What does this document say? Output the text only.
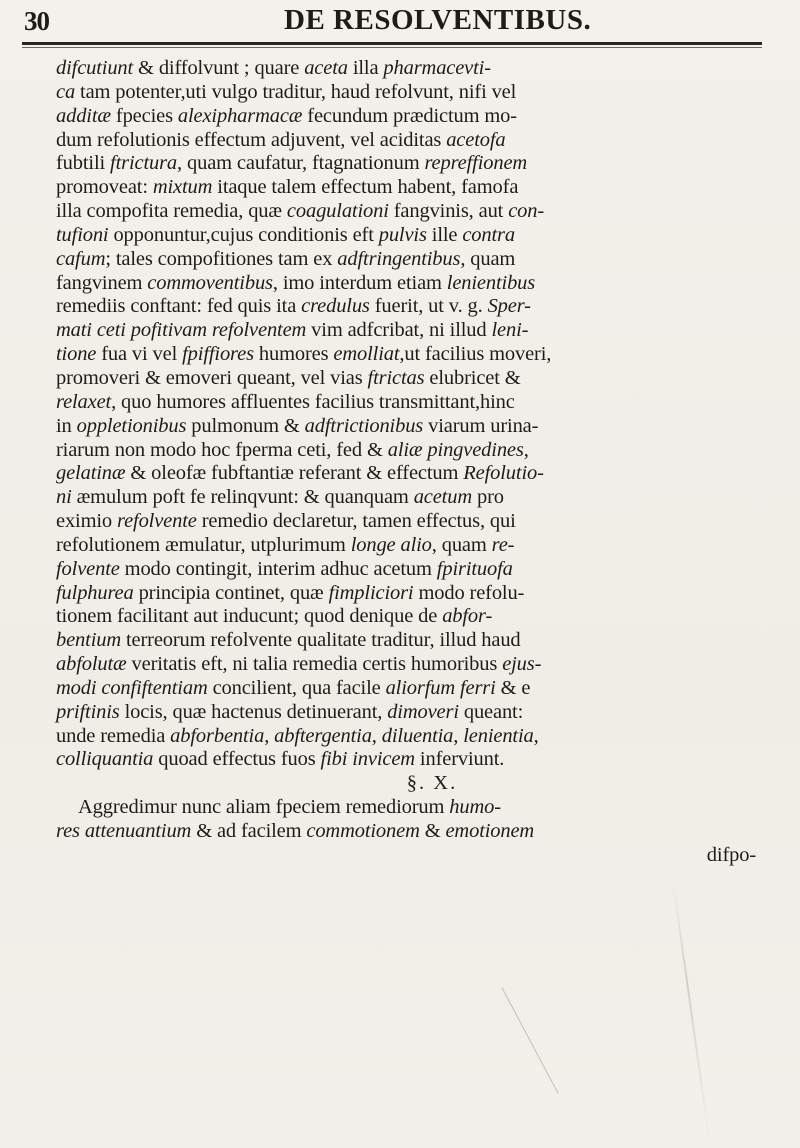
30	DE RESOLVENTIBUS.
difcutiunt & diffolvunt ; quare aceta illa pharmacevti-
ca tam potenter,uti vulgo traditur, haud refolvunt, nifi vel
additæ fpecies alexipharmacæ fecundum prædictum mo-
dum refolutionis effectum adjuvent, vel aciditas acetofa
fubtili ftrictura, quam caufatur, ftagnationum repreffionem
promoveat: mixtum itaque talem effectum habent, famofa
illa compofita remedia, quæ coagulationi fangvinis, aut con-
tufioni opponuntur,cujus conditionis eft pulvis ille contra
cafum; tales compofitiones tam ex adftringentibus, quam
fangvinem commoventibus, imo interdum etiam lenientibus
remediis conftant: fed quis ita credulus fuerit, ut v. g. Sper-
mati ceti pofitivam refolventem vim adfcribat, ni illud leni-
tione fua vi vel fpiffiores humores emolliat,ut facilius moveri,
promoveri & emoveri queant, vel vias ftrictas elubricet &
relaxet, quo humores affluentes facilius transmittant,hinc
in oppletionibus pulmonum & adftrictionibus viarum urina-
riarum non modo hoc fperma ceti, fed & aliæ pingvedines,
gelatinæ & oleofæ fubftantiæ referant & effectum Refolutio-
ni æmulum poft fe relinqvunt: & quanquam acetum pro
eximio refolvente remedio declaretur, tamen effectus, qui
refolutionem æmulatur, utplurimum longe alio, quam re-
folvente modo contingit, interim adhuc acetum fpirituofa
fulphurea principia continet, quæ fimpliciori modo refolu-
tionem facilitant aut inducunt; quod denique de abfor-
bentium terreorum refolvente qualitate traditur, illud haud
abfolutæ veritatis eft, ni talia remedia certis humoribus ejus-
modi confiftentiam concilient, qua facile aliorfum ferri & e
priftinis locis, quæ hactenus detinuerant, dimoveri queant:
unde remedia abforbentia, abftergentia, diluentia, lenientia,
colliquantia quoad effectus fuos fibi invicem inferviunt.
§. X.
Aggredimur nunc aliam fpeciem remediorum humo-
res attenuantium & ad facilem commotionem & emotionem
difpo-
